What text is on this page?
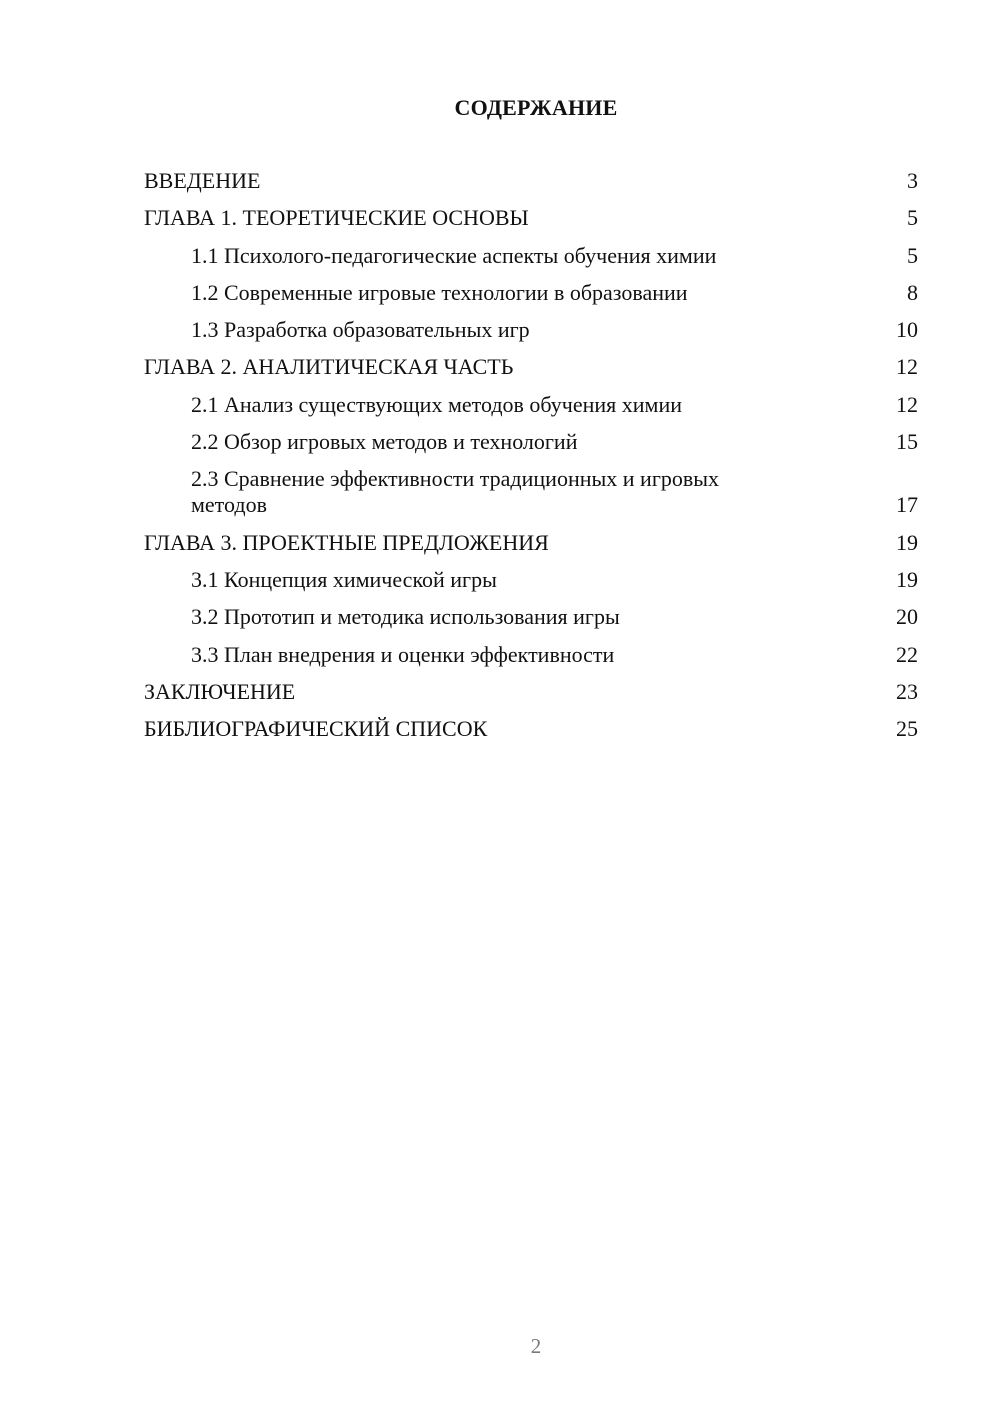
СОДЕРЖАНИЕ
ВВЕДЕНИЕ	3
ГЛАВА 1. ТЕОРЕТИЧЕСКИЕ ОСНОВЫ	5
1.1 Психолого-педагогические аспекты обучения химии	5
1.2 Современные игровые технологии в образовании	8
1.3 Разработка образовательных игр	10
ГЛАВА 2. АНАЛИТИЧЕСКАЯ ЧАСТЬ	12
2.1 Анализ существующих методов обучения химии	12
2.2 Обзор игровых методов и технологий	15
2.3 Сравнение эффективности традиционных и игровых методов	17
ГЛАВА 3. ПРОЕКТНЫЕ ПРЕДЛОЖЕНИЯ	19
3.1 Концепция химической игры	19
3.2 Прототип и методика использования игры	20
3.3 План внедрения и оценки эффективности	22
ЗАКЛЮЧЕНИЕ	23
БИБЛИОГРАФИЧЕСКИЙ СПИСОК	25
2
